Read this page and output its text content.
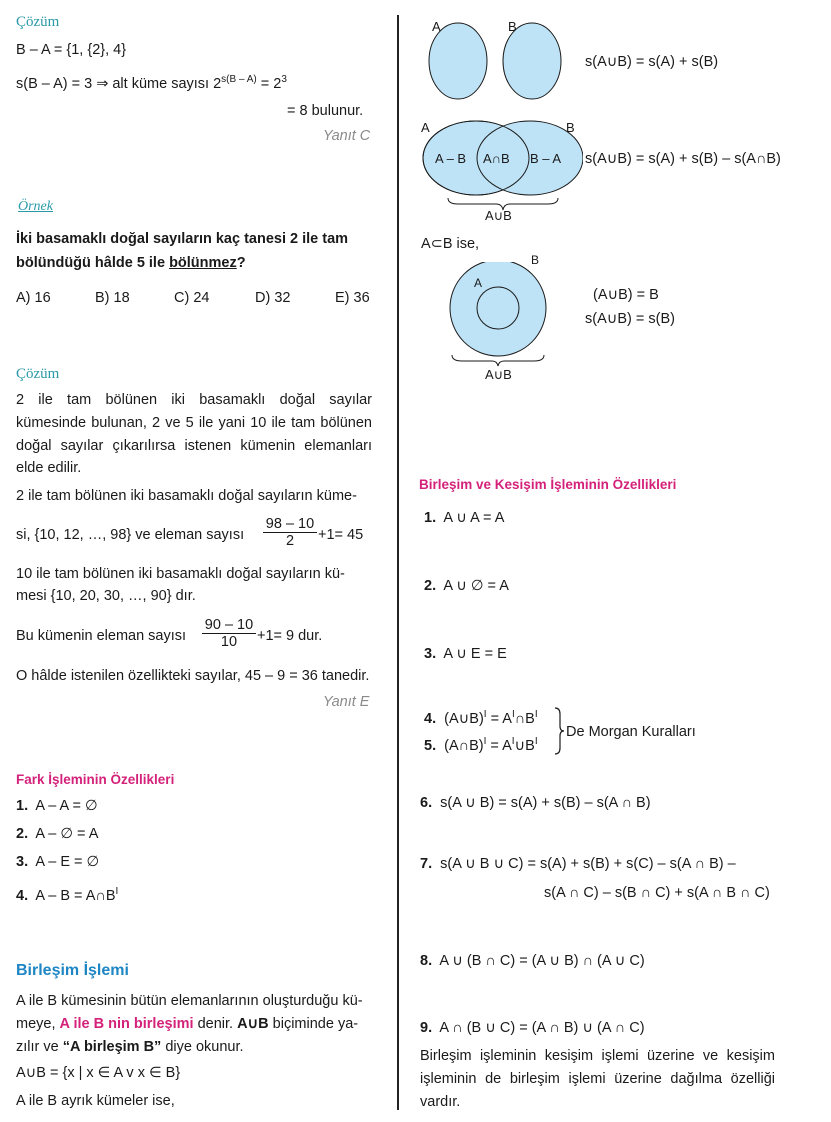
Çözüm
B – A = {1, {2}, 4}
s(B – A) = 3 ⇒ alt küme sayısı $2^{s(B - A)} = 2^3$
= 8 bulunur.
Yanıt C
Örnek
İki basamaklı doğal sayıların kaç tanesi 2 ile tam
bölündüğü hâlde 5 ile bölünmez?
A) 16	B) 18	C) 24	D) 32	E) 36
Çözüm
2 ile tam bölünen iki basamaklı doğal sayılar
kümesinde bulunan, 2 ve 5 ile yani 10 ile tam bölünen
doğal sayılar çıkarılırsa istenen kümenin elemanları
elde edilir.
2 ile tam bölünen iki basamaklı doğal sayıların küme-
si, {10, 12, …, 98} ve eleman sayısı $\frac{98 - 10}{2} +1= 45$
10 ile tam bölünen iki basamaklı doğal sayıların kü-
mesi {10, 20, 30, …, 90} dır.
Bu kümenin eleman sayısı $\frac{90 - 10}{10} +1= 9$ dur.
O hâlde istenilen özellikteki sayılar, 45 – 9 = 36 tanedir.
Yanıt E
Fark İşleminin Özellikleri
1. A – A = ∅
2. A – ∅ = A
3. A – E = ∅
4. $A - B = A\cap B^I$
Birleşim İşlemi
A ile B kümesinin bütün elemanlarının oluşturduğu kü-
meye, A ile B nin birleşimi denir. A∪B biçiminde ya-
zılır ve “A birleşim B” diye okunur.
A∪B = {x | x ∈ A v x ∈ B}
A ile B ayrık kümeler ise,
A	B
s(A∪B) = s(A) + s(B)
A	B
A – B A∩B B – A
A∪B
s(A∪B) = s(A) + s(B) – s(A∩B)
A⊂B ise,
A
B
A∪B
(A∪B) = B
s(A∪B) = s(B)
Birleşim ve Kesişim İşleminin Özellikleri
1. A ∪ A = A
2. A ∪ ∅ = A
3. A ∪ E = E
4. (A∪B)$^I$ = $A^I\cap B^I$
5. (A∩B)$^I$ = $A^I\cup B^I$
De Morgan Kuralları
6. s(A ∪ B) = s(A) + s(B) – s(A ∩ B)
7. s(A ∪ B ∪ C) = s(A) + s(B) + s(C) – s(A ∩ B) –
s(A ∩ C) – s(B ∩ C) + s(A ∩ B ∩ C)
8. A ∪ (B ∩ C) = (A ∪ B) ∩ (A ∪ C)
9. A ∩ (B ∪ C) = (A ∩ B) ∪ (A ∩ C)
Birleşim işleminin kesişim işlemi üzerine ve kesişim
işleminin de birleşim işlemi üzerine dağılma özelliği
vardır.
